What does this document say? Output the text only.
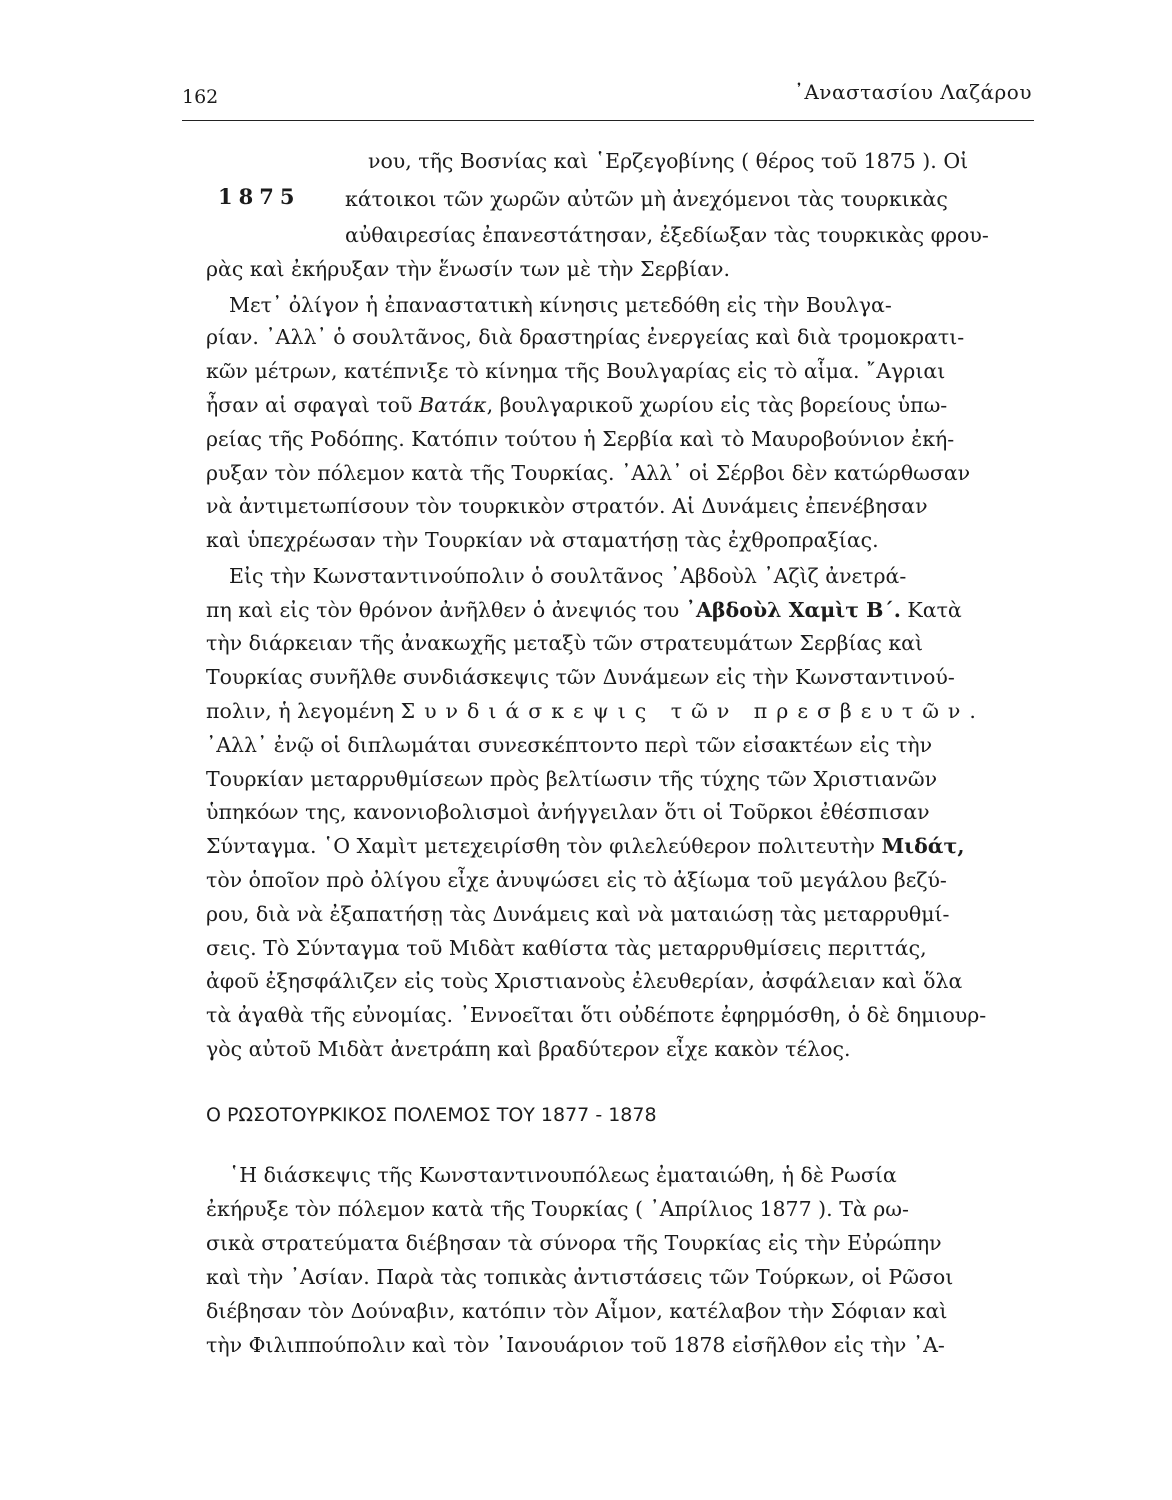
162	᾿Αναστασίου Λαζάρου
1875
νου, τῆς Βοσνίας καὶ ῾Ερζεγοβίνης ( θέρος τοῦ 1875 ). Οἱ
κάτοικοι τῶν χωρῶν αὐτῶν μὴ ἀνεχόμενοι τὰς τουρκικὰς
αὐθαιρεσίας ἐπανεστάτησαν, ἐξεδίωξαν τὰς τουρκικὰς φρου-
ρὰς καὶ ἐκήρυξαν τὴν ἕνωσίν των μὲ τὴν Σερβίαν.
Μετ᾿ ὀλίγον ἡ ἐπαναστατικὴ κίνησις μετεδόθη εἰς τὴν Βουλγα-
ρίαν. ᾿Αλλ᾿ ὁ σουλτᾶνος, διὰ δραστηρίας ἐνεργείας καὶ διὰ τρομοκρατι-
κῶν μέτρων, κατέπνιξε τὸ κίνημα τῆς Βουλγαρίας εἰς τὸ αἷμα. ῎Αγριαι
ἦσαν αἱ σφαγαὶ τοῦ Βατάκ, βουλγαρικοῦ χωρίου εἰς τὰς βορείους ὑπω-
ρείας τῆς Ροδόπης. Κατόπιν τούτου ἡ Σερβία καὶ τὸ Μαυροβούνιον ἐκή-
ρυξαν τὸν πόλεμον κατὰ τῆς Τουρκίας. ᾿Αλλ᾿ οἱ Σέρβοι δὲν κατώρθωσαν
νὰ ἀντιμετωπίσουν τὸν τουρκικὸν στρατόν. Αἱ Δυνάμεις ἐπενέβησαν
καὶ ὑπεχρέωσαν τὴν Τουρκίαν νὰ σταματήσῃ τὰς ἐχθροπραξίας.
Εἰς τὴν Κωνσταντινούπολιν ὁ σουλτᾶνος ᾿Αβδοὺλ ᾿Αζὶζ ἀνετρά-
πη καὶ εἰς τὸν θρόνον ἀνῆλθεν ὁ ἀνεψιός του ᾿Αβδοὺλ Χαμὶτ Β΄. Κατὰ
τὴν διάρκειαν τῆς ἀνακωχῆς μεταξὺ τῶν στρατευμάτων Σερβίας καὶ
Τουρκίας συνῆλθε συνδιάσκεψις τῶν Δυνάμεων εἰς τὴν Κωνσταντινού-
πολιν, ἡ λεγομένη Συνδιάσκεψις τῶν πρεσβευτῶν.
᾿Αλλ᾿ ἐνῷ οἱ διπλωμάται συνεσκέπτοντο περὶ τῶν εἰσακτέων εἰς τὴν
Τουρκίαν μεταρρυθμίσεων πρὸς βελτίωσιν τῆς τύχης τῶν Χριστιανῶν
ὑπηκόων της, κανονιοβολισμοὶ ἀνήγγειλαν ὅτι οἱ Τοῦρκοι ἐθέσπισαν
Σύνταγμα. ῾Ο Χαμὶτ μετεχειρίσθη τὸν φιλελεύθερον πολιτευτὴν Μιδάτ,
τὸν ὁποῖον πρὸ ὀλίγου εἶχε ἀνυψώσει εἰς τὸ ἀξίωμα τοῦ μεγάλου βεζύ-
ρου, διὰ νὰ ἐξαπατήσῃ τὰς Δυνάμεις καὶ νὰ ματαιώσῃ τὰς μεταρρυθμί-
σεις. Τὸ Σύνταγμα τοῦ Μιδὰτ καθίστα τὰς μεταρρυθμίσεις περιττάς,
ἀφοῦ ἐξησφάλιζεν εἰς τοὺς Χριστιανοὺς ἐλευθερίαν, ἀσφάλειαν καὶ ὅλα
τὰ ἀγαθὰ τῆς εὐνομίας. ᾿Εννοεῖται ὅτι οὐδέποτε ἐφηρμόσθη, ὁ δὲ δημιουρ-
γὸς αὐτοῦ Μιδὰτ ἀνετράπη καὶ βραδύτερον εἶχε κακὸν τέλος.
Ο ΡΩΣΟΤΟΥΡΚΙΚΟΣ ΠΟΛΕΜΟΣ ΤΟΥ 1877 - 1878
῾Η διάσκεψις τῆς Κωνσταντινουπόλεως ἐματαιώθη, ἡ δὲ Ρωσία
ἐκήρυξε τὸν πόλεμον κατὰ τῆς Τουρκίας ( ᾿Απρίλιος 1877 ). Τὰ ρω-
σικὰ στρατεύματα διέβησαν τὰ σύνορα τῆς Τουρκίας εἰς τὴν Εὐρώπην
καὶ τὴν ᾿Ασίαν. Παρὰ τὰς τοπικὰς ἀντιστάσεις τῶν Τούρκων, οἱ Ρῶσοι
διέβησαν τὸν Δούναβιν, κατόπιν τὸν Αἷμον, κατέλαβον τὴν Σόφιαν καὶ
τὴν Φιλιππούπολιν καὶ τὸν ᾿Ιανουάριον τοῦ 1878 εἰσῆλθον εἰς τὴν ᾿Α-
